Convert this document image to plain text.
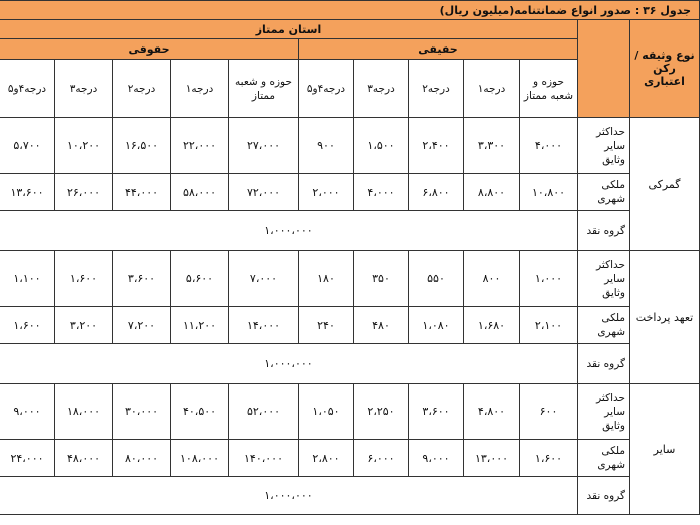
جدول ۳۶ : صدور انواع ضمانتنامه(میلیون ریال)											
نوع وثیقه / رکن اعتباری		استان ممتاز									
		حقیقی					حقوقی				
		حوزه و شعبه ممتاز	درجه۱	درجه۲	درجه۳	درجه۴و۵	حوزه و شعبه ممتاز	درجه۱	درجه۲	درجه۳	درجه۴و۵
گمرکی	حداکثر سایر وثایق	۴،۰۰۰	۳،۳۰۰	۲،۴۰۰	۱،۵۰۰	۹۰۰	۲۷،۰۰۰	۲۲،۰۰۰	۱۶،۵۰۰	۱۰،۲۰۰	۵،۷۰۰
	ملکی شهری	۱۰،۸۰۰	۸،۸۰۰	۶،۸۰۰	۴،۰۰۰	۲،۰۰۰	۷۲،۰۰۰	۵۸،۰۰۰	۴۴،۰۰۰	۲۶،۰۰۰	۱۳،۶۰۰
	گروه نقد	۱،۰۰۰،۰۰۰									
تعهد پرداخت	حداکثر سایر وثایق	۱،۰۰۰	۸۰۰	۵۵۰	۳۵۰	۱۸۰	۷،۰۰۰	۵،۶۰۰	۳،۶۰۰	۱،۶۰۰	۱،۱۰۰
	ملکی شهری	۲،۱۰۰	۱،۶۸۰	۱،۰۸۰	۴۸۰	۲۴۰	۱۴،۰۰۰	۱۱،۲۰۰	۷،۲۰۰	۳،۲۰۰	۱،۶۰۰
	گروه نقد	۱،۰۰۰،۰۰۰									
سایر	حداکثر سایر وثایق	۶۰۰	۴،۸۰۰	۳،۶۰۰	۲،۲۵۰	۱،۰۵۰	۵۲،۰۰۰	۴۰،۵۰۰	۳۰،۰۰۰	۱۸،۰۰۰	۹،۰۰۰
	ملکی شهری	۱،۶۰۰	۱۳،۰۰۰	۹،۰۰۰	۶،۰۰۰	۲،۸۰۰	۱۴۰،۰۰۰	۱۰۸،۰۰۰	۸۰،۰۰۰	۴۸،۰۰۰	۲۴،۰۰۰
	گروه نقد	۱،۰۰۰،۰۰۰									
